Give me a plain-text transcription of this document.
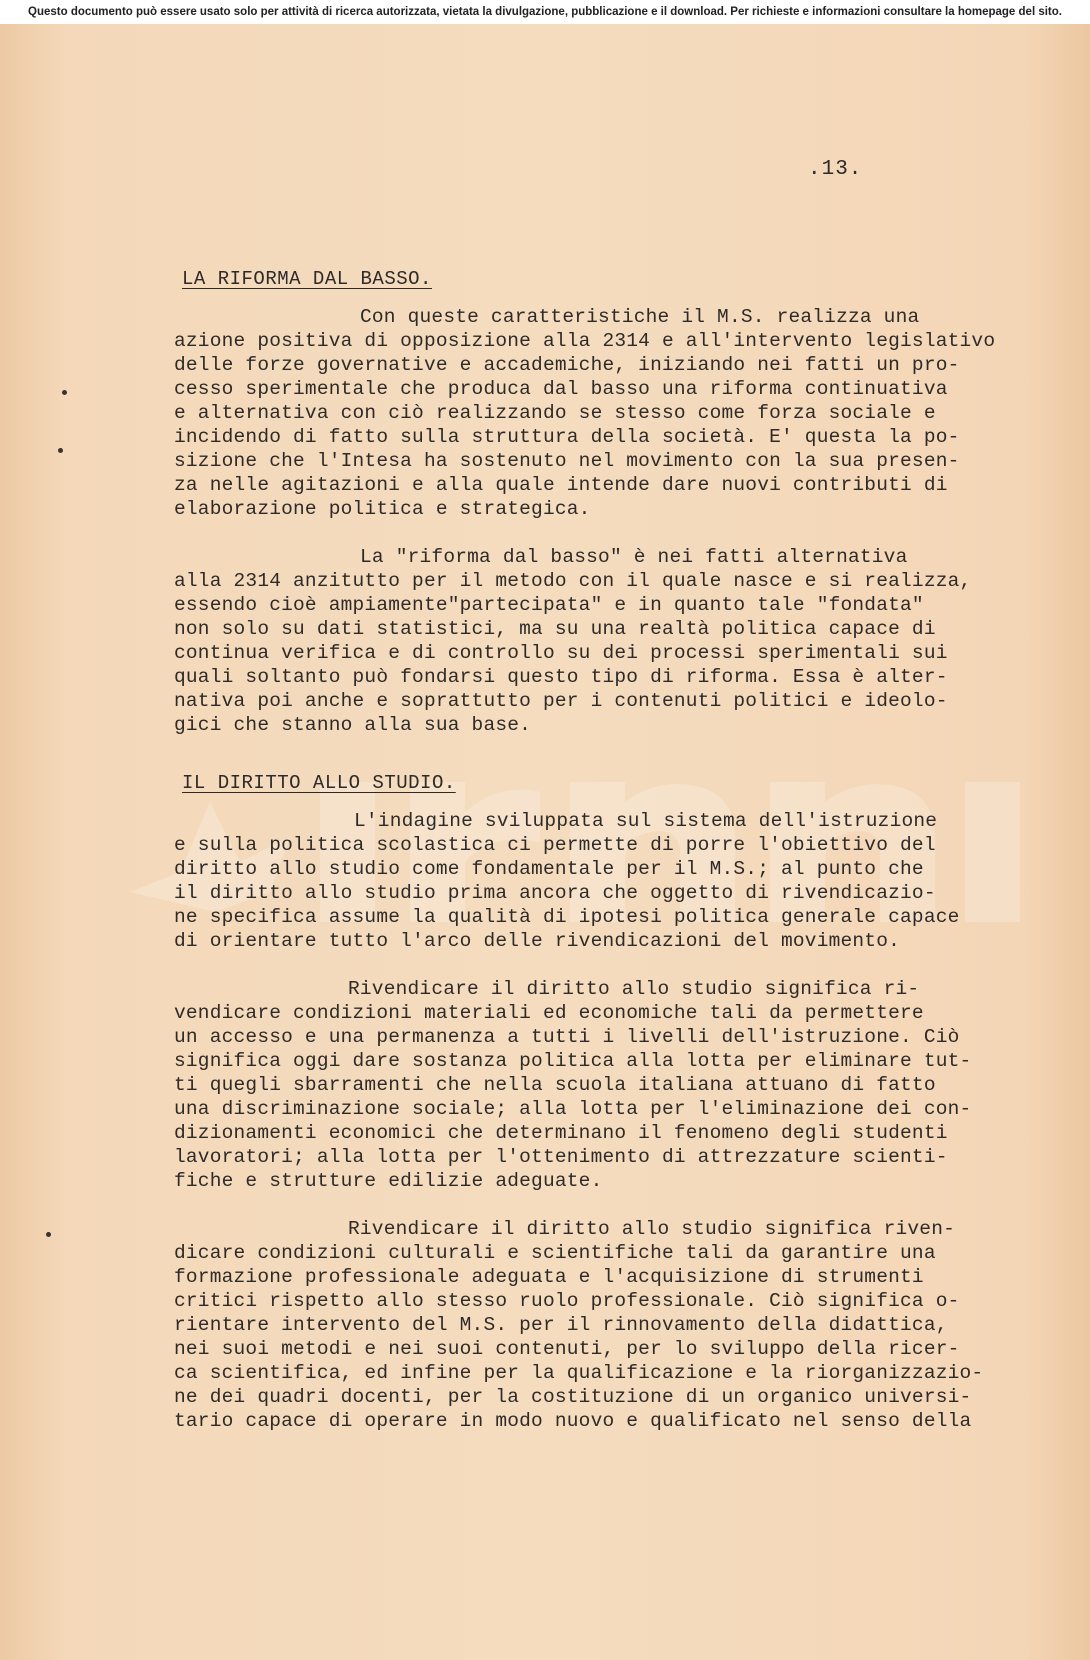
Questo documento può essere usato solo per attività di ricerca autorizzata, vietata la divulgazione, pubblicazione e il download. Per richieste e informazioni consultare la homepage del sito.
.13.
LA RIFORMA DAL BASSO.
Con queste caratteristiche il M.S. realizza una
azione positiva di opposizione alla 2314 e all'intervento legislativo
delle forze governative e accademiche, iniziando nei fatti un pro-
cesso sperimentale che produca dal basso una riforma continuativa
e alternativa con ciò realizzando se stesso come forza sociale e
incidendo di fatto sulla struttura della società. E' questa la po-
sizione che l'Intesa ha sostenuto nel movimento con la sua presen-
za nelle agitazioni e alla quale intende dare nuovi contributi di
elaborazione politica e strategica.
La "riforma dal basso" è nei fatti alternativa
alla 2314 anzitutto per il metodo con il quale nasce e si realizza,
essendo cioè ampiamente"partecipata" e in quanto tale "fondata"
non solo su dati statistici, ma su una realtà politica capace di
continua verifica e di controllo su dei processi sperimentali sui
quali soltanto può fondarsi questo tipo di riforma. Essa è alter-
nativa poi anche e soprattutto per i contenuti politici e ideolo-
gici che stanno alla sua base.
IL DIRITTO ALLO STUDIO.
L'indagine sviluppata sul sistema dell'istruzione
e sulla politica scolastica ci permette di porre l'obiettivo del
diritto allo studio come fondamentale per il M.S.; al punto che
il diritto allo studio prima ancora che oggetto di rivendicazio-
ne specifica assume la qualità di ipotesi politica generale capace
di orientare tutto l'arco delle rivendicazioni del movimento.
Rivendicare il diritto allo studio significa ri-
vendicare condizioni materiali ed economiche tali da permettere
un accesso e una permanenza a tutti i livelli dell'istruzione. Ciò
significa oggi dare sostanza politica alla lotta per eliminare tut-
ti quegli sbarramenti che nella scuola italiana attuano di fatto
una discriminazione sociale; alla lotta per l'eliminazione dei con-
dizionamenti economici che determinano il fenomeno degli studenti
lavoratori; alla lotta per l'ottenimento di attrezzature scienti-
fiche e strutture edilizie adeguate.
Rivendicare il diritto allo studio significa riven-
dicare condizioni culturali e scientifiche tali da garantire una
formazione professionale adeguata e l'acquisizione di strumenti
critici rispetto allo stesso ruolo professionale. Ciò significa o-
rientare intervento del M.S. per il rinnovamento della didattica,
nei suoi metodi e nei suoi contenuti, per lo sviluppo della ricer-
ca scientifica, ed infine per la qualificazione e la riorganizzazio-
ne dei quadri docenti, per la costituzione di un organico universi-
tario capace di operare in modo nuovo e qualificato nel senso della
